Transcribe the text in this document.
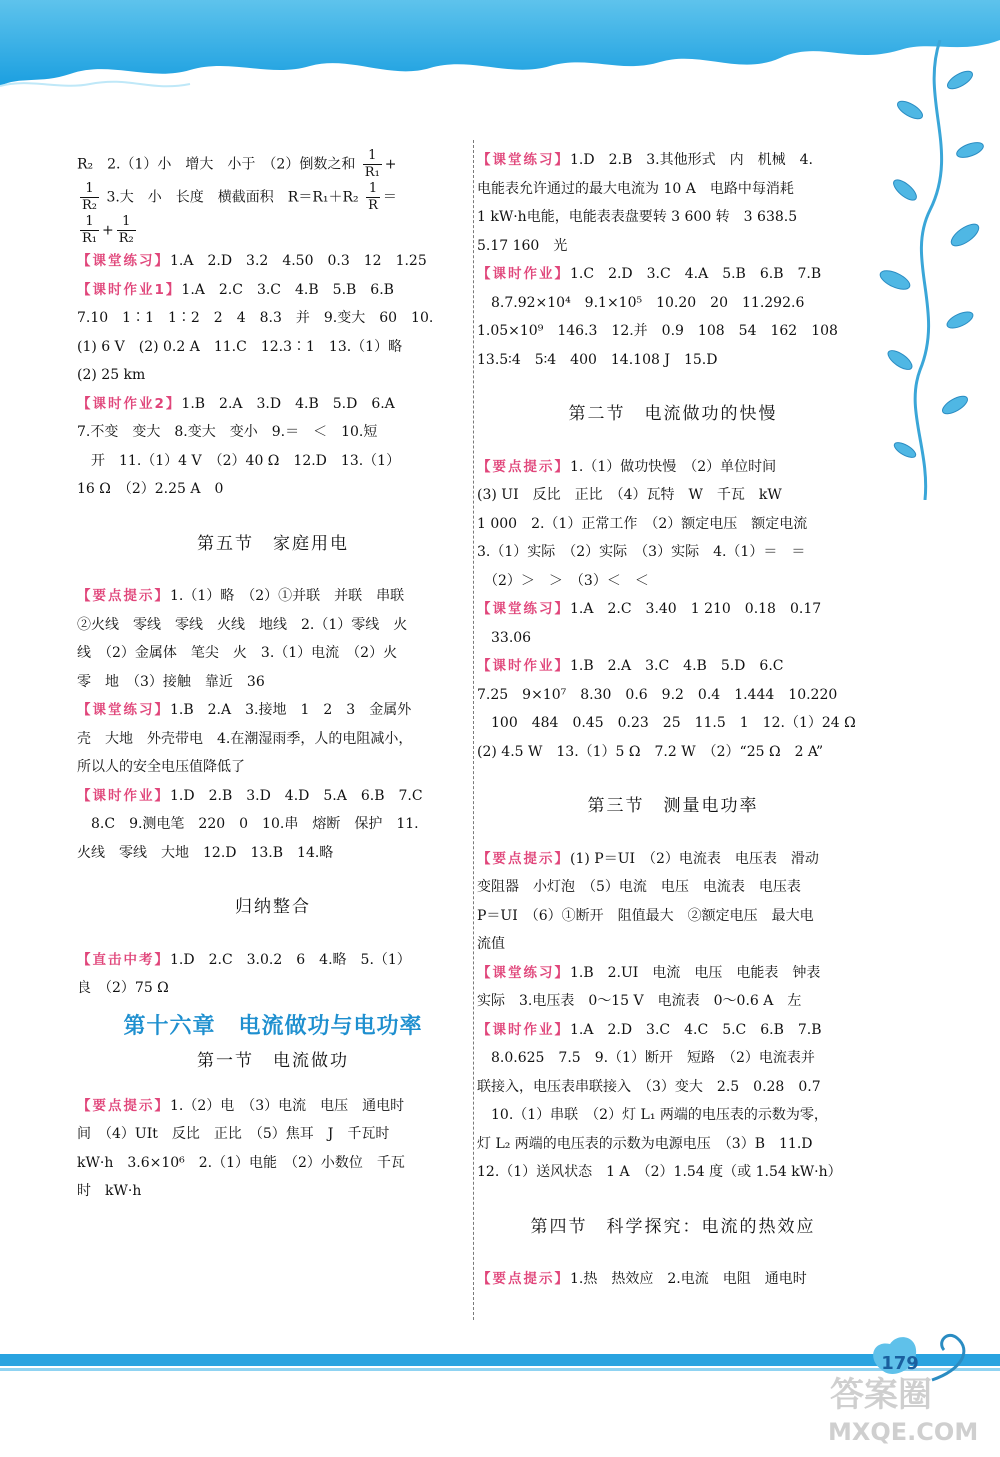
R₂　2.（1）小　增大　小于　（2）倒数之和 $\frac{1}{\text{R₁}}$ +
$\frac{1}{\text{R₂}} 3$.大　小　长度　横截面积　$R=R_1+R_2 \frac{1}{R}$ ＝
$\frac{1}{\text{R₁}} + \frac{1}{\text{R₂}}$
【课堂练习】1.A　2.D　3.2　4.50　0.3　12　1.25
【课时作业1】1.A　2.C　3.C　4.B　5.B　6.B
7.10　1∶1　1∶2　2　4　8.3　并　9.变大　60　10.
(1) 6 V　(2) 0.2 A　11.C　12.3∶1　13.（1）略
(2) 25 km
【课时作业2】1.B　2.A　3.D　4.B　5.D　6.A
7.不变　变大　8.变大　变小　9.＝　＜　10.短
　开　11.（1）4 V　（2）40 Ω　12.D　13.（1）
16 Ω　（2）2.25 A　0
第五节　家庭用电
【要点提示】1.（1）略　（2）①并联　并联　串联
②火线　零线　零线　火线　地线　2.（1）零线　火
线　（2）金属体　笔尖　火　3.（1）电流　（2）火
零　地　（3）接触　靠近　36
【课堂练习】1.B　2.A　3.接地　1　2　3　金属外
壳　大地　外壳带电　4.在潮湿雨季，人的电阻减小，
所以人的安全电压值降低了
【课时作业】1.D　2.B　3.D　4.D　5.A　6.B　7.C
　8.C　9.测电笔　220　0　10.串　熔断　保护　11.
火线　零线　大地　12.D　13.B　14.略
归纳整合
【直击中考】1.D　2.C　3.0.2　6　4.略　5.（1）
良　（2）75 Ω
第十六章　电流做功与电功率
第一节　电流做功
【要点提示】1.（2）电　（3）电流　电压　通电时
间　（4）UIt　反比　正比　（5）焦耳　J　千瓦时
kW·h　3.6×10⁶　2.（1）电能　（2）小数位　千瓦
时　kW·h
【课堂练习】1.D　2.B　3.其他形式　内　机械　4.
电能表允许通过的最大电流为 10 A　电路中每消耗
1 kW·h电能，电能表表盘要转 3 600 转　3 638.5
5.17 160　光
【课时作业】1.C　2.D　3.C　4.A　5.B　6.B　7.B
　8.7.92×10⁴　9.1×10⁵　10.20　20　11.292.6
1.05×10⁹　146.3　12.并　0.9　108　54　162　108
13.5∶4　5∶4　400　14.108 J　15.D
第二节　电流做功的快慢
【要点提示】1.（1）做功快慢　（2）单位时间
(3) UI　反比　正比　（4）瓦特　W　千瓦　kW
1 000　2.（1）正常工作　（2）额定电压　额定电流
3.（1）实际　（2）实际　（3）实际　4.（1）＝　＝
　（2）＞　＞　（3）＜　＜
【课堂练习】1.A　2.C　3.40　1 210　0.18　0.17
　33.06
【课时作业】1.B　2.A　3.C　4.B　5.D　6.C
7.25　9×10⁷　8.30　0.6　9.2　0.4　1.444　10.220
　100　484　0.45　0.23　25　11.5　1　12.（1）24 Ω
(2) 4.5 W　13.（1）5 Ω　7.2 W　（2）“25 Ω　2 A”
第三节　测量电功率
【要点提示】(1) P＝UI　（2）电流表　电压表　滑动
变阻器　小灯泡　（5）电流　电压　电流表　电压表
P＝UI　（6）①断开　阻值最大　②额定电压　最大电
流值
【课堂练习】1.B　2.UI　电流　电压　电能表　钟表
实际　3.电压表　0～15 V　电流表　0～0.6 A　左
【课时作业】1.A　2.D　3.C　4.C　5.C　6.B　7.B
　8.0.625　7.5　9.（1）断开　短路　（2）电流表并
联接入，电压表串联接入　（3）变大　2.5　0.28　0.7
　10.（1）串联　（2）灯 L₁ 两端的电压表的示数为零，
灯 L₂ 两端的电压表的示数为电源电压　（3）B　11.D
12.（1）送风状态　1 A　（2）1.54 度（或 1.54 kW·h）
第四节　科学探究：电流的热效应
【要点提示】1.热　热效应　2.电流　电阻　通电时
179
答案圈
MXQE.COM
